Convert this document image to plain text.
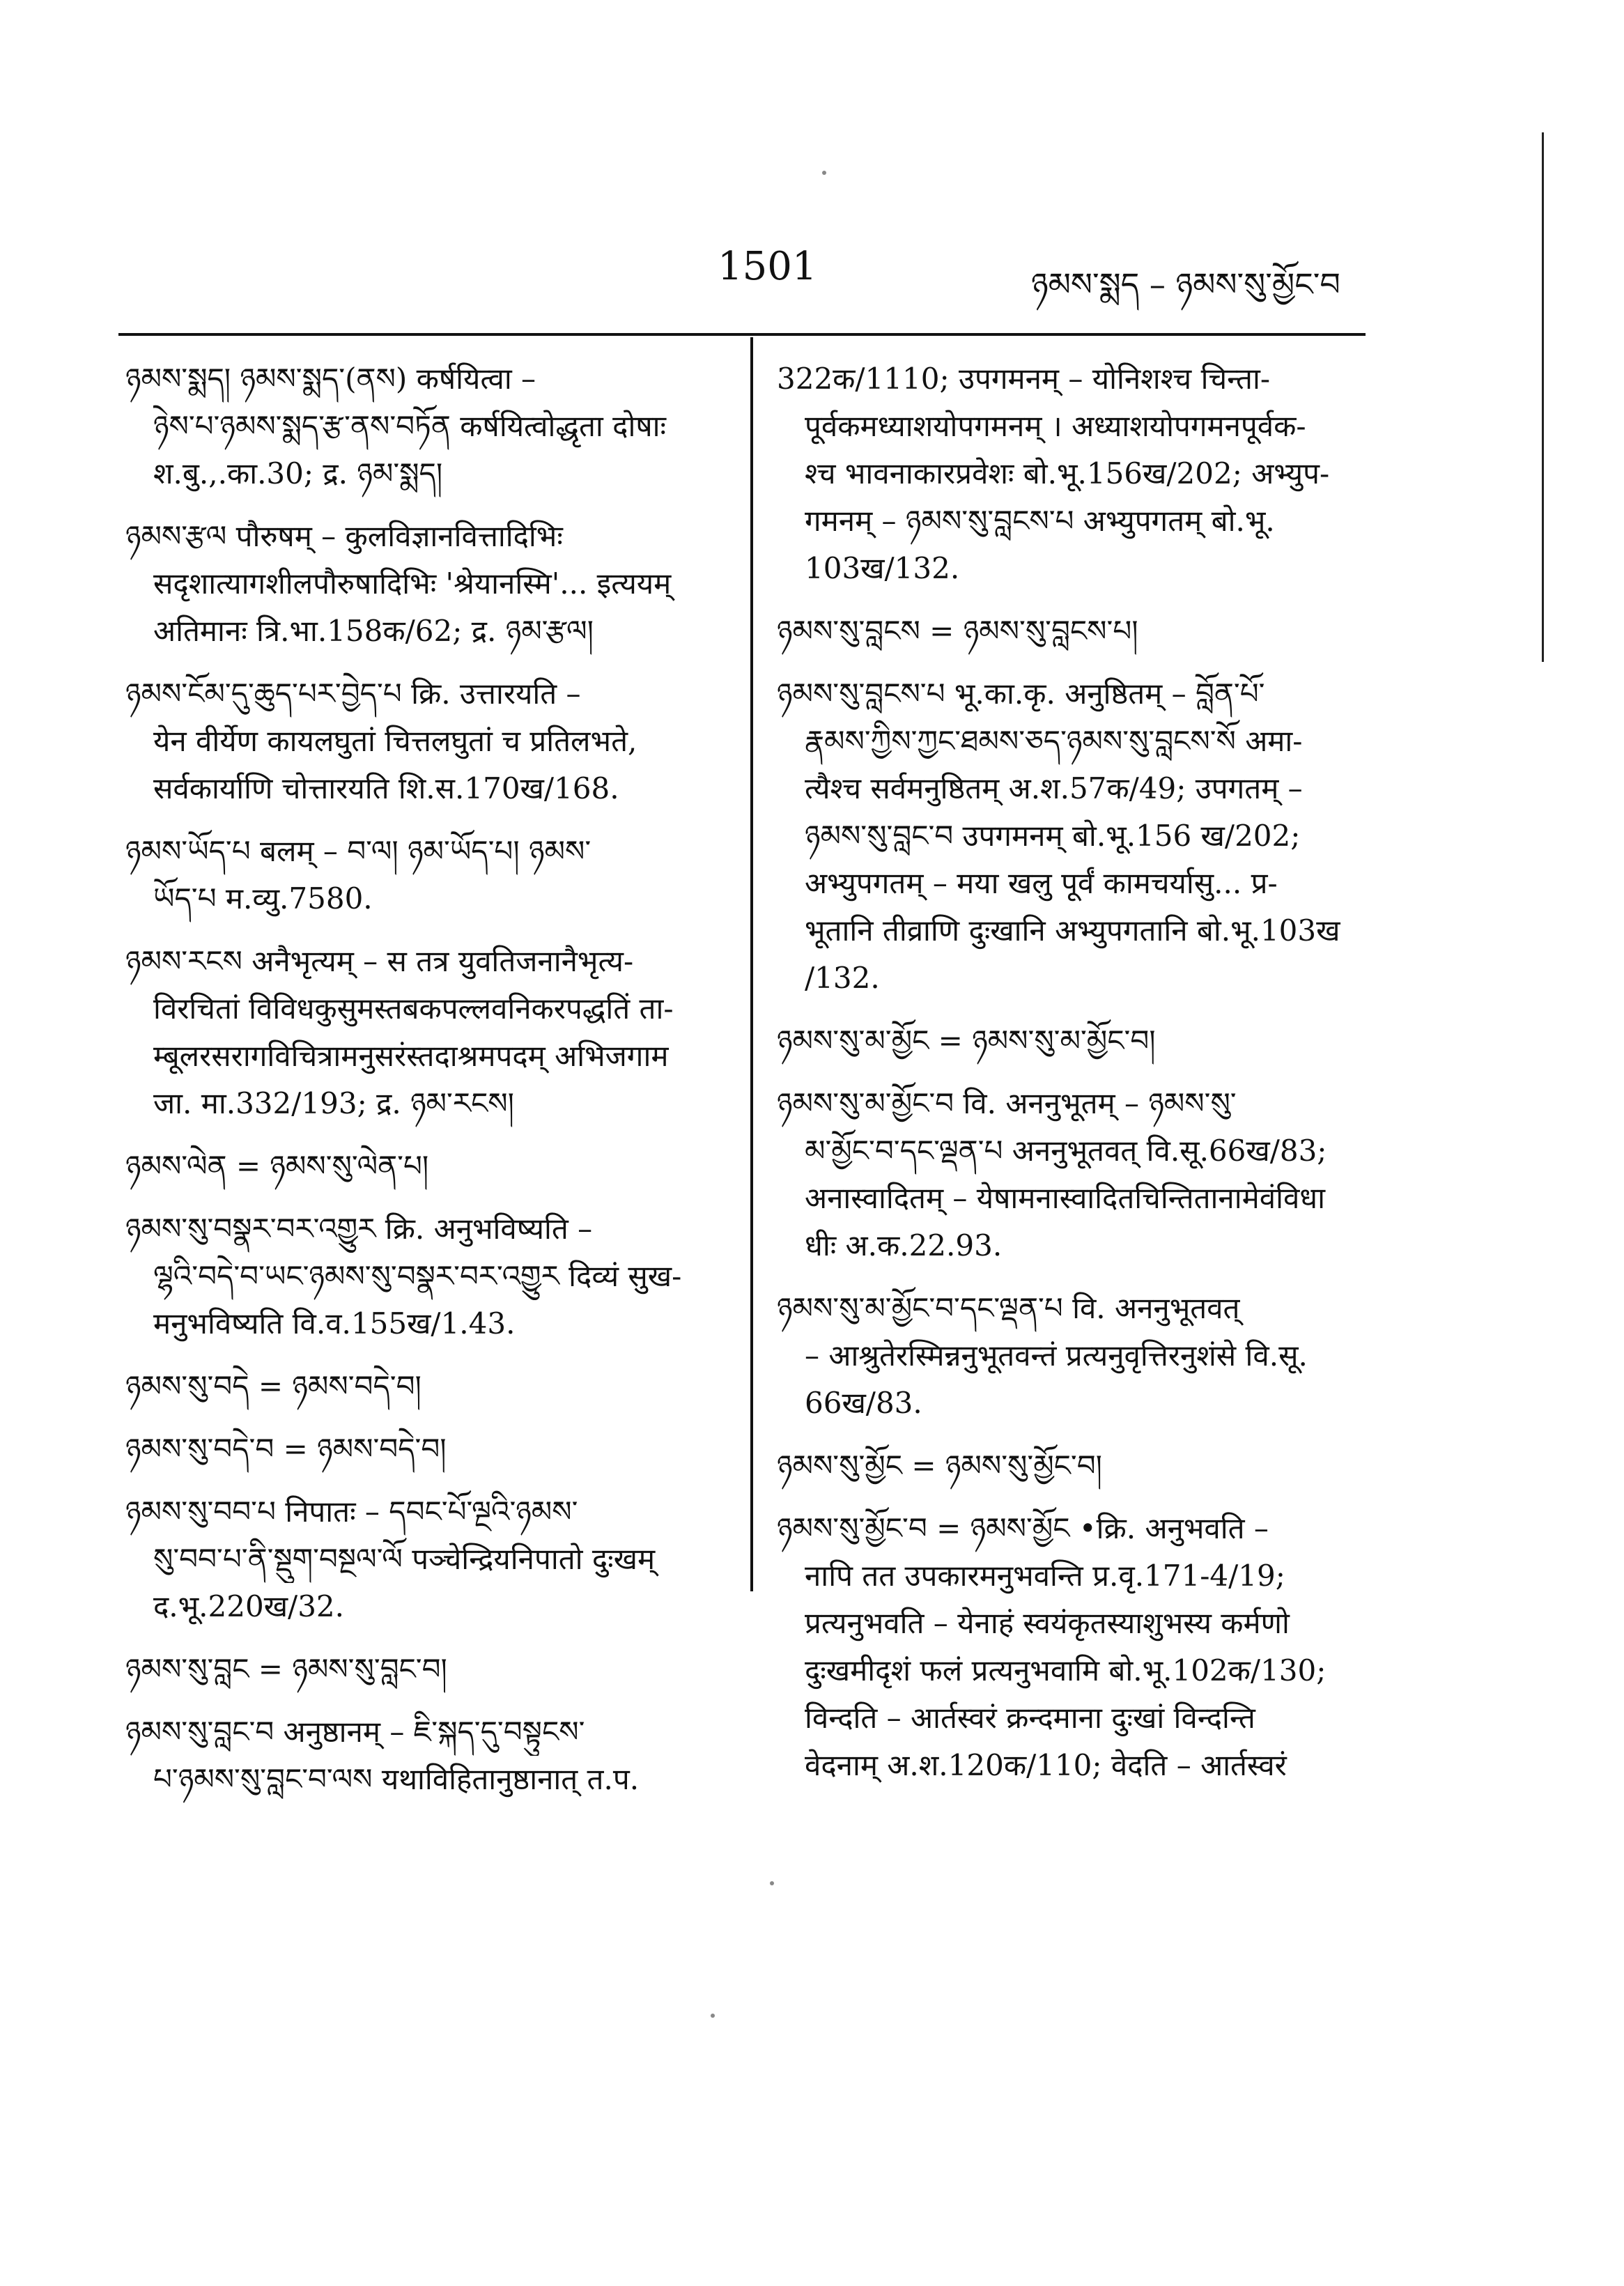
1501	ཉམས་སྨད – ཉམས་སུ་མྱོང་བ
ཉམས་སྨད། ཉམས་སྨད་(ནས) कर्षयित्वा –
ཉེས་པ་ཉམས་སྨད་རྩ་ནས་བཏོན कर्षयित्वोद्धृता दोषाः
श.बु.,.का.30; द्र. ཉམ་སྨད།
ཉམས་རྩལ पौरुषम् – कुलविज्ञानवित्तादिभिः
सदृशात्यागशीलपौरुषादिभिः 'श्रेयानस्मि'... इत्ययम्
अतिमानः त्रि.भा.158क/62; द्र. ཉམ་རྩལ།
ཉམས་ངོམ་དུ་ཆུད་པར་བྱེད་པ क्रि. उत्तारयति –
येन वीर्येण कायलघुतां चित्तलघुतां च प्रतिलभते,
सर्वकार्याणि चोत्तारयति शि.स.170ख/168.
ཉམས་ཡོད་པ बलम् – བ་ལ། ཉམ་ཡོད་པ། ཉམས་
ཡོད་པ म.व्यु.7580.
ཉམས་རངས अनैभृत्यम् – स तत्र युवतिजनानैभृत्य-
विरचितां विविधकुसुमस्तबकपल्लवनिकरपद्धतिं ता-
म्बूलरसरागविचित्रामनुसरंस्तदाश्रमपदम् अभिजगाम
जा. मा.332/193; द्र. ཉམ་རངས།
ཉམས་ལེན = ཉམས་སུ་ལེན་པ།
ཉམས་སུ་བསྣར་བར་འགྱུར क्रि. अनुभविष्यति –
ལྷའི་བདེ་བ་ཡང་ཉམས་སུ་བསྣར་བར་འགྱུར दिव्यं सुख-
मनुभविष्यति वि.व.155ख/1.43.
ཉམས་སུ་བདེ = ཉམས་བདེ་བ།
ཉམས་སུ་བདེ་བ = ཉམས་བདེ་བ།
ཉམས་སུ་བབ་པ निपातः – དབང་པོ་ལྔའི་ཉམས་
སུ་བབ་པ་ནི་སྡུག་བསྔལ་ལོ पञ्चेन्द्रियनिपातो दुःखम्
द.भू.220ख/32.
ཉམས་སུ་བླང = ཉམས་སུ་བླང་བ།
ཉམས་སུ་བླང་བ अनुष्ठानम् – ཇི་སྐད་དུ་བསྟུངས་
པ་ཉམས་སུ་བླང་བ་ལས यथाविहितानुष्ठानात् त.प.
322क/1110; उपगमनम् – योनिशश्च चिन्ता-
पूर्वकमध्याशयोपगमनम् । अध्याशयोपगमनपूर्वक-
श्च भावनाकारप्रवेशः बो.भू.156ख/202; अभ्युप-
गमनम् – ཉམས་སུ་བླངས་པ अभ्युपगतम् बो.भू.
103ख/132.
ཉམས་སུ་བླངས = ཉམས་སུ་བླངས་པ།
ཉམས་སུ་བླངས་པ भू.का.कृ. अनुष्ठितम् – བློན་པོ་
རྣམས་ཀྱིས་ཀྱང་ཐམས་ཅད་ཉམས་སུ་བླངས་སོ अमा-
त्यैश्च सर्वमनुष्ठितम् अ.श.57क/49; उपगतम् –
ཉམས་སུ་བླང་བ उपगमनम् बो.भू.156 ख/202;
अभ्युपगतम् – मया खलु पूर्वं कामचर्यासु... प्र-
भूतानि तीव्राणि दुःखानि अभ्युपगतानि बो.भू.103ख
/132.
ཉམས་སུ་མ་མྱོང = ཉམས་སུ་མ་མྱོང་བ།
ཉམས་སུ་མ་མྱོང་བ वि. अननुभूतम् – ཉམས་སུ་
མ་མྱོང་བ་དང་ལྡན་པ अननुभूतवत् वि.सू.66ख/83;
अनास्वादितम् – येषामनास्वादितचिन्तितानामेवंविधा
धीः अ.क.22.93.
ཉམས་སུ་མ་མྱོང་བ་དང་ལྡན་པ वि. अननुभूतवत्
– आश्रुतेरस्मिन्ननुभूतवन्तं प्रत्यनुवृत्तिरनुशंसे वि.सू.
66ख/83.
ཉམས་སུ་མྱོང = ཉམས་སུ་མྱོང་བ།
ཉམས་སུ་མྱོང་བ = ཉམས་མྱོང •क्रि. अनुभवति –
नापि तत उपकारमनुभवन्ति प्र.वृ.171-4/19;
प्रत्यनुभवति – येनाहं स्वयंकृतस्याशुभस्य कर्मणो
दुःखमीदृशं फलं प्रत्यनुभवामि बो.भू.102क/130;
विन्दति – आर्तस्वरं क्रन्दमाना दुःखां विन्दन्ति
वेदनाम् अ.श.120क/110; वेदति – आर्तस्वरं
